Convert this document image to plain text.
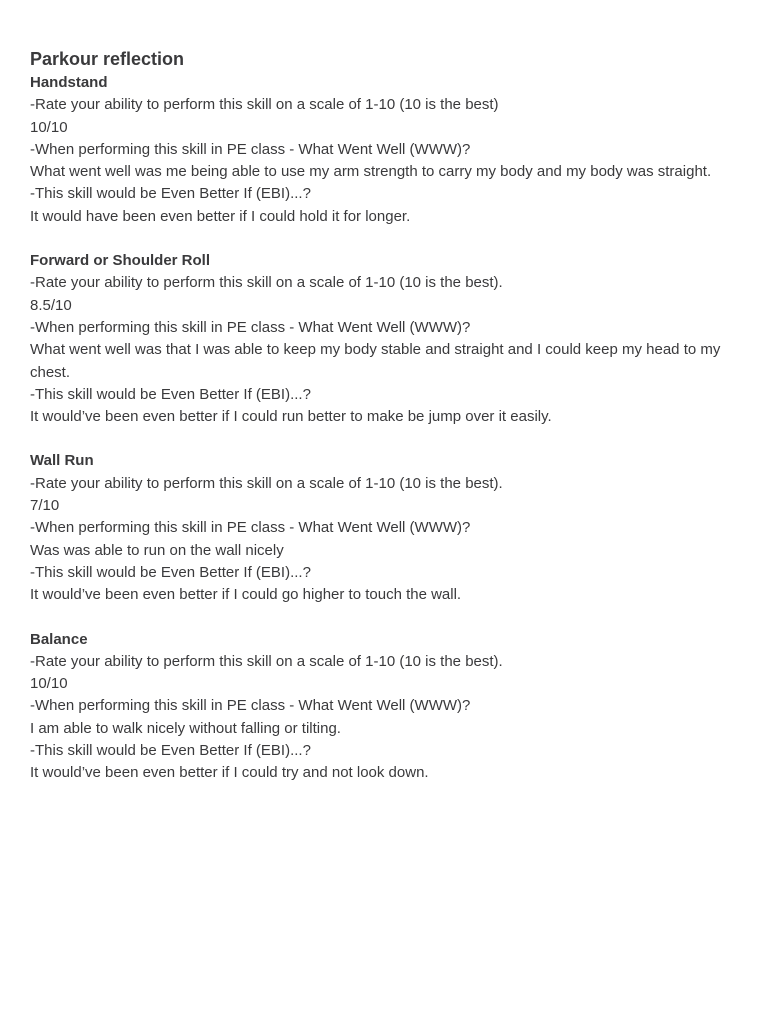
Parkour reflection

Handstand

-Rate your ability to perform this skill on a scale of 1-10 (10 is the best)

10/10

-When performing this skill in PE class - What Went Well (WWW)?

What went well was me being able to use my arm strength to carry my body and my body was straight.

-This skill would be Even Better If (EBI)...?

It would have been even better if I could hold it for longer.

Forward or Shoulder Roll

-Rate your ability to perform this skill on a scale of 1-10 (10 is the best).

8.5/10

-When performing this skill in PE class - What Went Well (WWW)?

What went well was that I was able to keep my body stable and straight and I could keep my head to my chest.

-This skill would be Even Better If (EBI)...?

It would’ve been even better if I could run better to make be jump over it easily.

Wall Run

-Rate your ability to perform this skill on a scale of 1-10 (10 is the best).

7/10

-When performing this skill in PE class - What Went Well (WWW)?

Was was able to run on the wall nicely

-This skill would be Even Better If (EBI)...?

It would’ve been even better if I could go higher to touch the wall.

Balance

-Rate your ability to perform this skill on a scale of 1-10 (10 is the best).

10/10

-When performing this skill in PE class - What Went Well (WWW)?

I am able to walk nicely without falling or tilting.

-This skill would be Even Better If (EBI)...?

It would’ve been even better if I could try and not look down.
